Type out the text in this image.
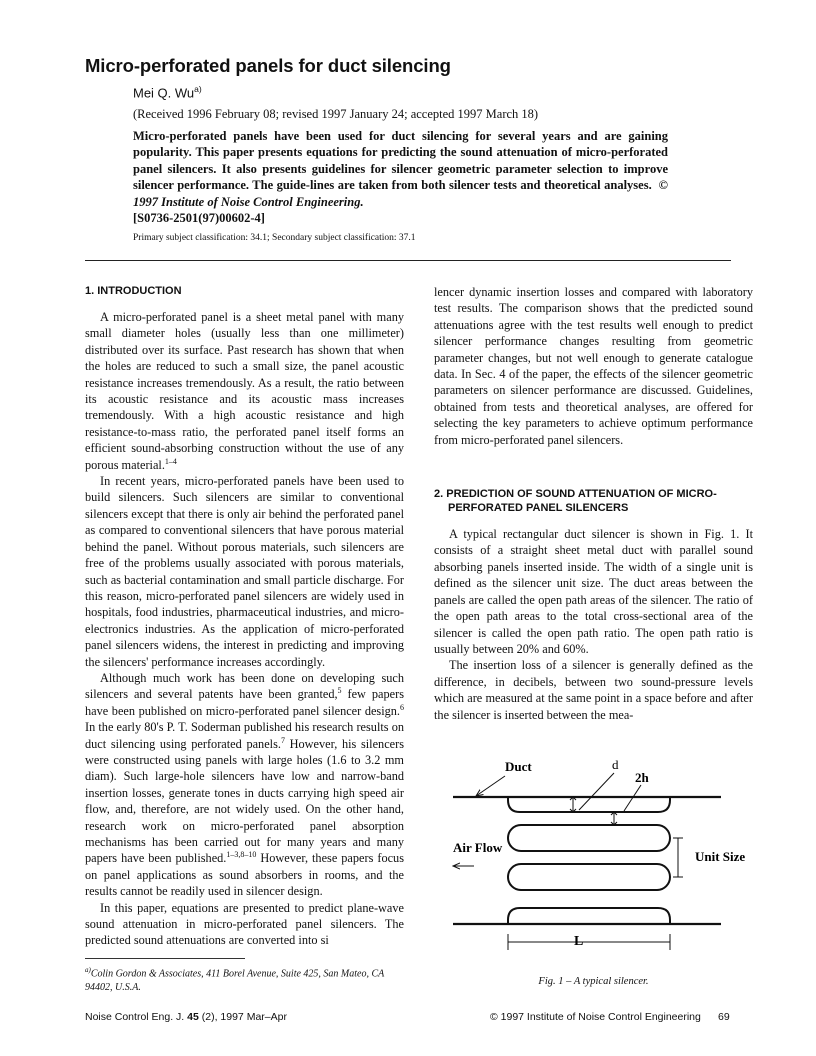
Micro-perforated panels for duct silencing
Mei Q. Wu$^{a)}$
(Received 1996 February 08; revised 1997 January 24; accepted 1997 March 18)

Micro-perforated panels have been used for duct silencing for several years and are gaining popularity. This paper presents equations for predicting the sound attenuation of micro-perforated panel silencers. It also presents guidelines for silencer geometric parameter selection to improve silencer performance. The guide-lines are taken from both silencer tests and theoretical analyses. © 1997 Institute of Noise Control Engineering.
[S0736-2501(97)00602-4]

Primary subject classification: 34.1; Secondary subject classification: 37.1
1. INTRODUCTION

A micro-perforated panel is a sheet metal panel with many small diameter holes (usually less than one millimeter) distributed over its surface. Past research has shown that when the holes are reduced to such a small size, the panel acoustic resistance increases tremendously. As a result, the ratio between its acoustic resistance and its acoustic mass increases tremendously. With a high acoustic resistance and high resistance-to-mass ratio, the perforated panel itself forms an efficient sound-absorbing construction without the use of any porous material.$^{1-4}$

In recent years, micro-perforated panels have been used to build silencers. Such silencers are similar to conventional silencers except that there is only air behind the perforated panel as compared to conventional silencers that have porous material behind the panel. Without porous materials, such silencers are free of the problems usually associated with porous materials, such as bacterial contamination and small particle discharge. For this reason, micro-perforated panel silencers are widely used in hospitals, food industries, pharmaceutical industries, and micro-electronics industries. As the application of micro-perforated panel silencers widens, the interest in predicting and improving the silencers' performance increases accordingly.

Although much work has been done on developing such silencers and several patents have been granted,$^5$ few papers have been published on micro-perforated panel silencer design.$^6$ In the early 80's P. T. Soderman published his research results on duct silencing using perforated panels.$^7$ However, his silencers were constructed using panels with large holes (1.6 to 3.2 mm diam). Such large-hole silencers have low and narrow-band insertion losses, generate tones in ducts carrying high speed air flow, and, therefore, are not widely used. On the other hand, research work on micro-perforated panel absorption mechanisms has been carried out for many years and many papers have been published.$^{1-3,8-10}$ However, these papers focus on panel applications as sound absorbers in rooms, and the results cannot be readily used in silencer design.

In this paper, equations are presented to predict plane-wave sound attenuation in micro-perforated panel silencers. The predicted sound attenuations are converted into si

$^{a)}$Colin Gordon & Associates, 411 Borel Avenue, Suite 425, San Mateo, CA 94402, U.S.A.

lencer dynamic insertion losses and compared with laboratory test results. The comparison shows that the predicted sound attenuations agree with the test results well enough to predict silencer performance changes resulting from geometric parameter changes, but not well enough to generate catalogue data. In Sec. 4 of the paper, the effects of the silencer geometric parameters on silencer performance are discussed. Guidelines, obtained from tests and theoretical analyses, are offered for selecting the key parameters to achieve optimum performance from micro-perforated panel silencers.

2. PREDICTION OF SOUND ATTENUATION OF MICRO-PERFORATED PANEL SILENCERS

A typical rectangular duct silencer is shown in Fig. 1. It consists of a straight sheet metal duct with parallel sound absorbing panels inserted inside. The width of a single unit is defined as the silencer unit size. The duct areas between the panels are called the open path areas of the silencer. The ratio of the open path areas to the total cross-sectional area of the silencer is called the open path ratio. The open path ratio is usually between 20% and 60%.

The insertion loss of a silencer is generally defined as the difference, in decibels, between two sound-pressure levels which are measured at the same point in a space before and after the silencer is inserted between the mea-

Duct	d
2h
Air Flow
Unit Size
L
Fig. 1 – A typical silencer.
Noise Control Eng. J. 45 (2), 1997 Mar–Apr	© 1997 Institute of Noise Control Engineering 69
